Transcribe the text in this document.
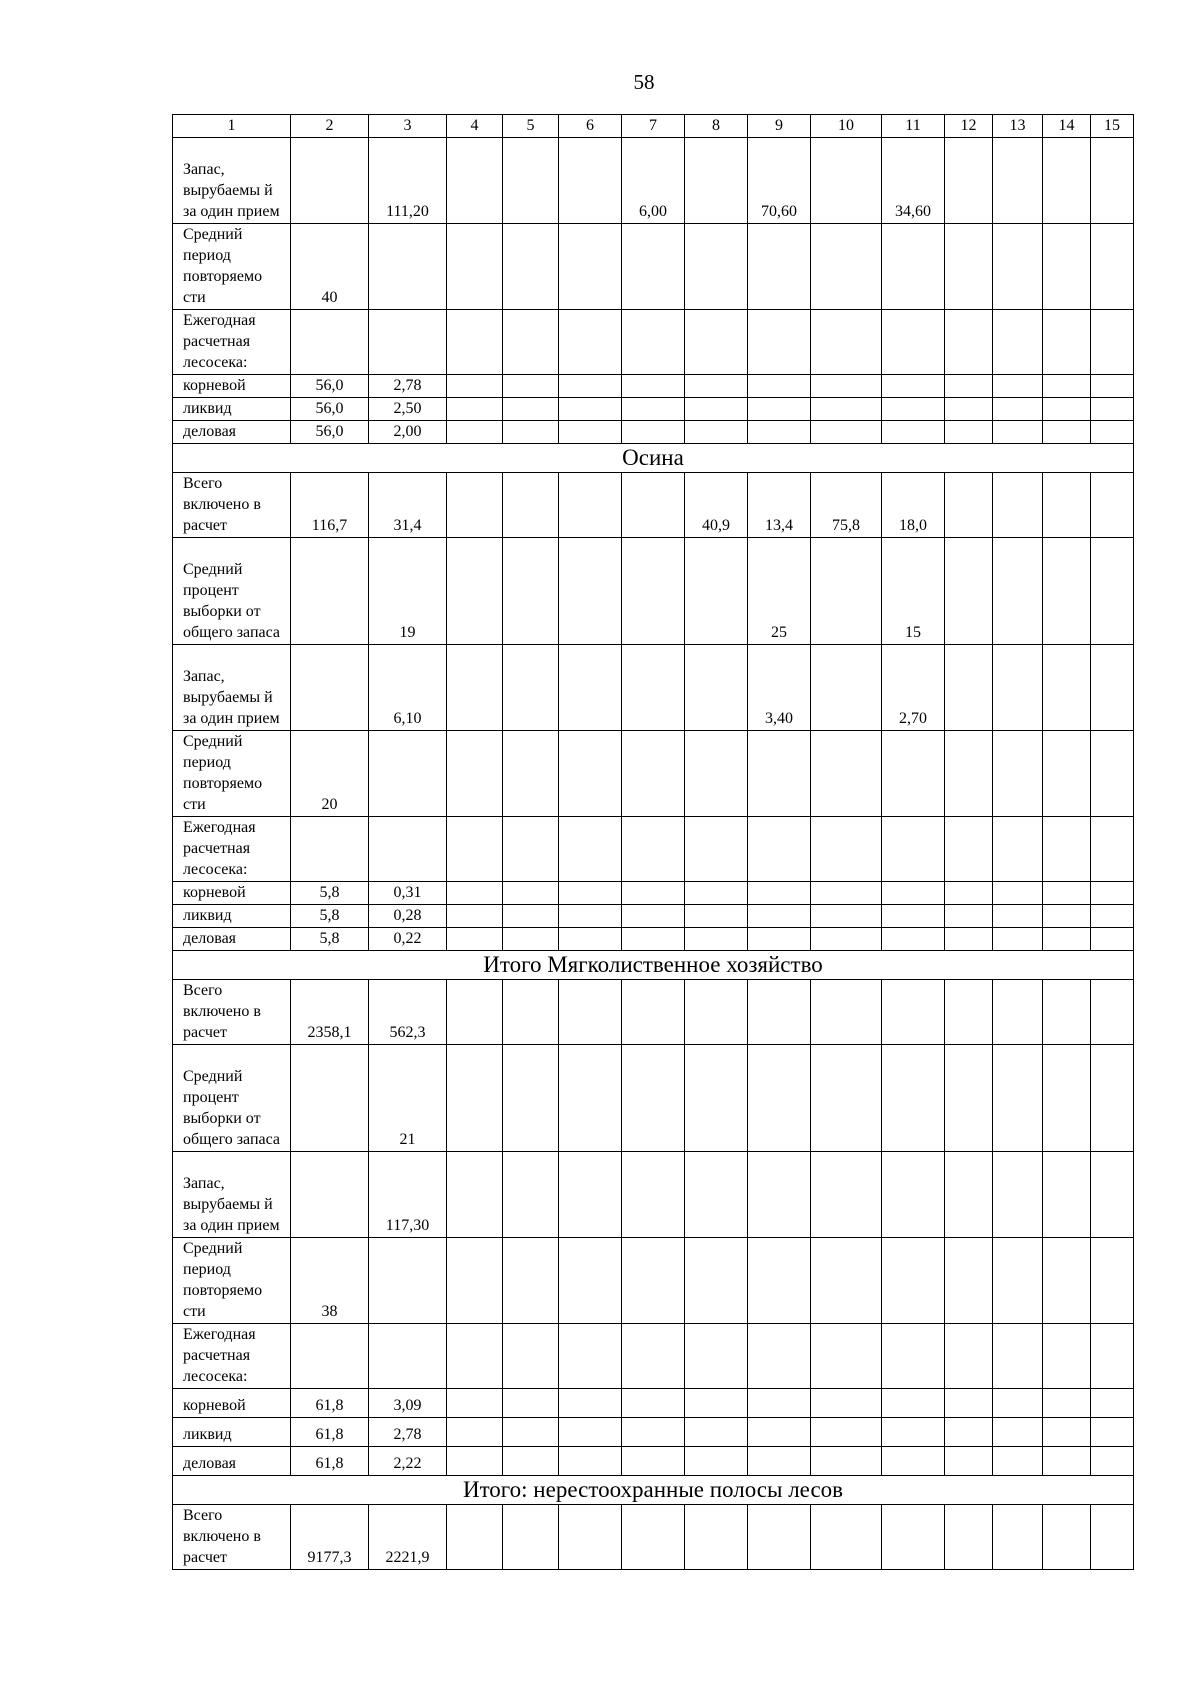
58
1	2	3	4	5	6	7	8	9	10	11	12	13	14	15
Запас, вырубаемы й за один прием		111,20				6,00		70,60		34,60				
Средний период повторяемо сти	40													
Ежегодная расчетная лесосека:														
корневой	56,0	2,78												
ликвид	56,0	2,50												
деловая	56,0	2,00												
Осина														
Всего включено в расчет	116,7	31,4					40,9	13,4	75,8	18,0				
Средний процент выборки от общего запаса		19						25		15				
Запас, вырубаемы й за один прием		6,10						3,40		2,70				
Средний период повторяемо сти	20													
Ежегодная расчетная лесосека:														
корневой	5,8	0,31												
ликвид	5,8	0,28												
деловая	5,8	0,22												
Итого Мягколиственное хозяйство														
Всего включено в расчет	2358,1	562,3												
Средний процент выборки от общего запаса		21												
Запас, вырубаемы й за один прием		117,30												
Средний период повторяемо сти	38													
Ежегодная расчетная лесосека:														
корневой	61,8	3,09												
ликвид	61,8	2,78												
деловая	61,8	2,22												
Итого: нерестоохранные полосы лесов														
Всего включено в расчет	9177,3	2221,9												
